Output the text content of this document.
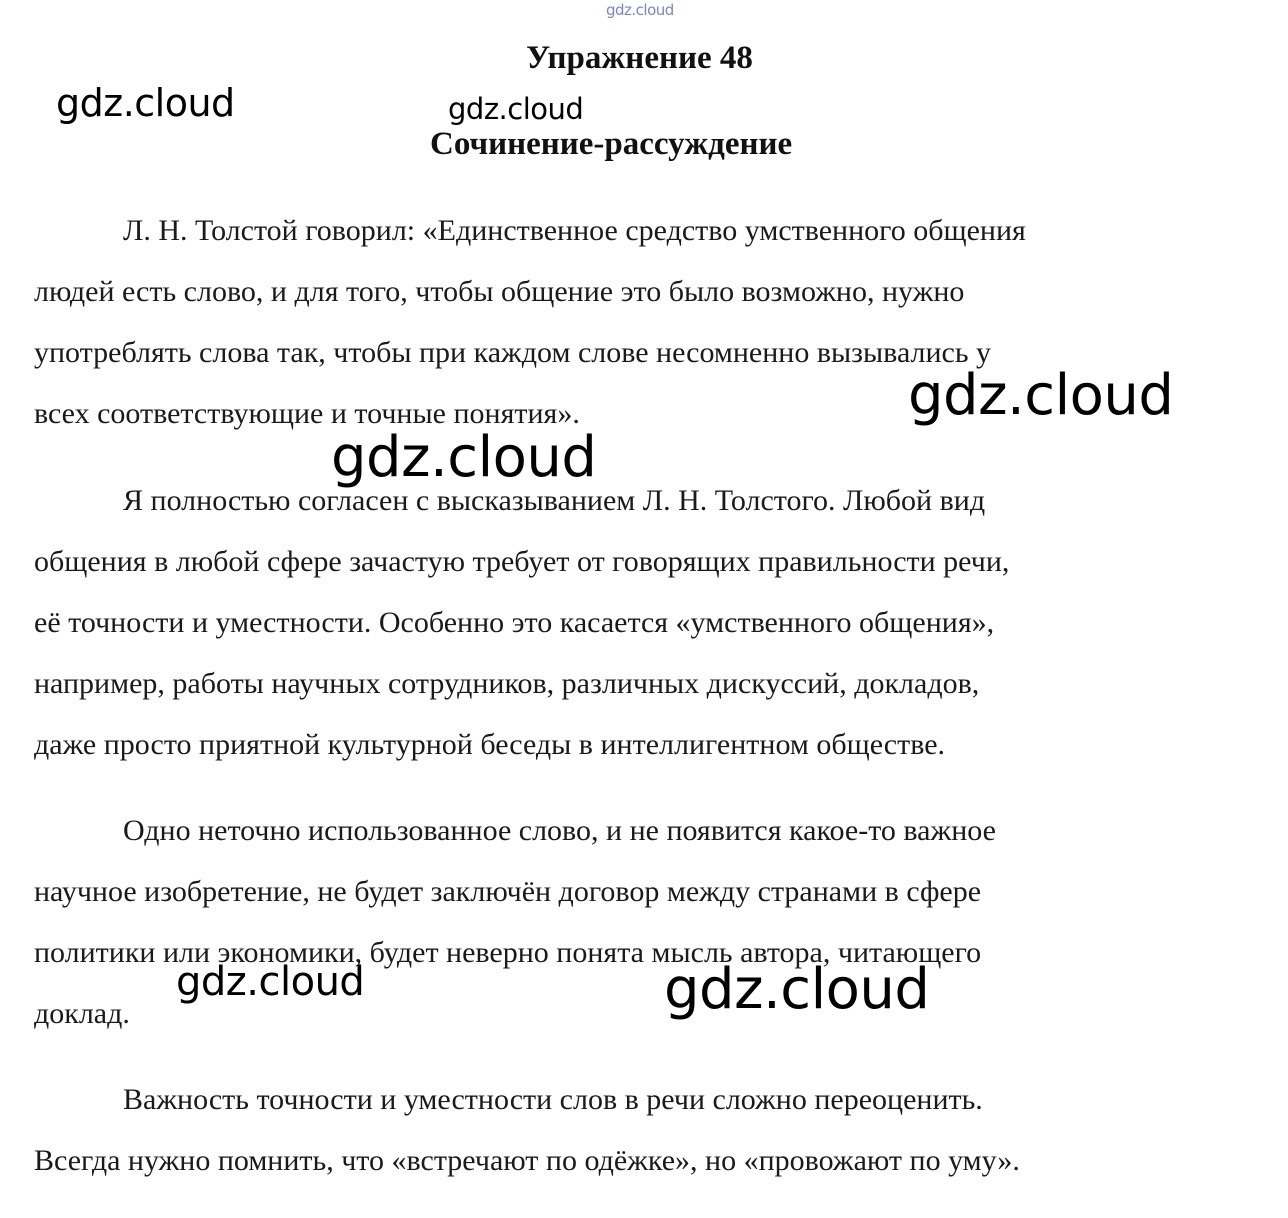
Упражнение 48
Сочинение-рассуждение
Л. Н. Толстой говорил: «Единственное средство умственного общения
людей есть слово, и для того, чтобы общение это было возможно, нужно
употреблять слова так, чтобы при каждом слове несомненно вызывались у
всех соответствующие и точные понятия».
Я полностью согласен с высказыванием Л. Н. Толстого. Любой вид
общения в любой сфере зачастую требует от говорящих правильности речи,
её точности и уместности. Особенно это касается «умственного общения»,
например, работы научных сотрудников, различных дискуссий, докладов,
даже просто приятной культурной беседы в интеллигентном обществе.
Одно неточно использованное слово, и не появится какое-то важное
научное изобретение, не будет заключён договор между странами в сфере
политики или экономики, будет неверно понята мысль автора, читающего
доклад.
Важность точности и уместности слов в речи сложно переоценить.
Всегда нужно помнить, что «встречают по одёжке», но «провожают по уму».
gdz.cloud
gdz.cloud	gdz.cloud
gdz.cloud
gdz.cloud
gdz.cloud	gdz.cloud
